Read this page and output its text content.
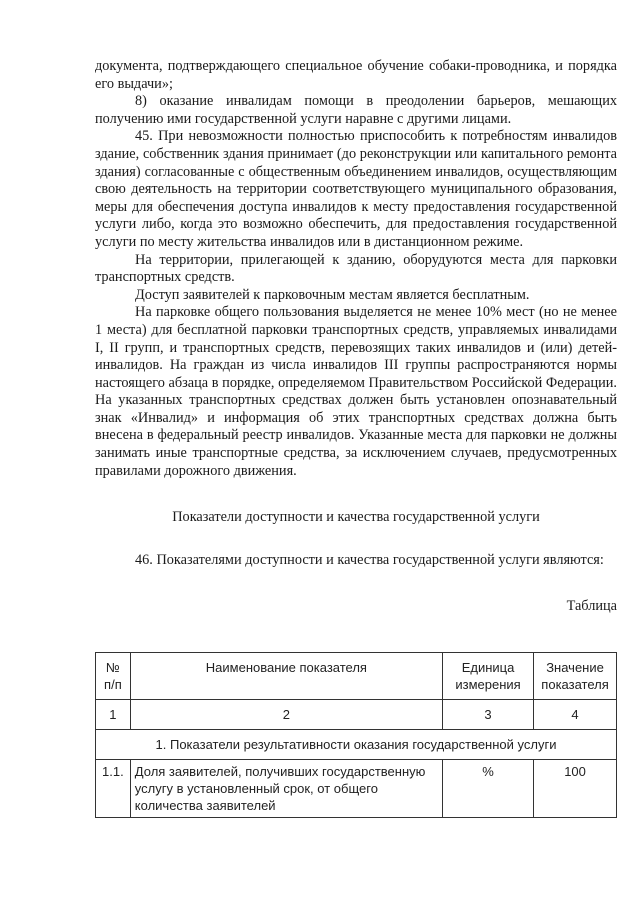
документа, подтверждающего специальное обучение собаки-проводника, и порядка его выдачи»;

8) оказание инвалидам помощи в преодолении барьеров, мешающих получению ими государственной услуги наравне с другими лицами.

45. При невозможности полностью приспособить к потребностям инвалидов здание, собственник здания принимает (до реконструкции или капитального ремонта здания) согласованные с общественным объединением инвалидов, осуществляющим свою деятельность на территории соответствующего муниципального образования, меры для обеспечения доступа инвалидов к месту предоставления государственной услуги либо, когда это возможно обеспечить, для предоставления государственной услуги по месту жительства инвалидов или в дистанционном режиме.

На территории, прилегающей к зданию, оборудуются места для парковки транспортных средств.

Доступ заявителей к парковочным местам является бесплатным.

На парковке общего пользования выделяется не менее 10% мест (но не менее 1 места) для бесплатной парковки транспортных средств, управляемых инвалидами I, II групп, и транспортных средств, перевозящих таких инвалидов и (или) детей-инвалидов. На граждан из числа инвалидов III группы распространяются нормы настоящего абзаца в порядке, определяемом Правительством Российской Федерации. На указанных транспортных средствах должен быть установлен опознавательный знак «Инвалид» и информация об этих транспортных средствах должна быть внесена в федеральный реестр инвалидов. Указанные места для парковки не должны занимать иные транспортные средства, за исключением случаев, предусмотренных правилами дорожного движения.

Показатели доступности и качества государственной услуги

46. Показателями доступности и качества государственной услуги являются:

Таблица
№ п/п	Наименование показателя	Единица измерения	Значение показателя
1	2	3	4
1. Показатели результативности оказания государственной услуги			
1.1.	Доля заявителей, получивших государственную услугу в установленный срок, от общего количества заявителей	%	100
